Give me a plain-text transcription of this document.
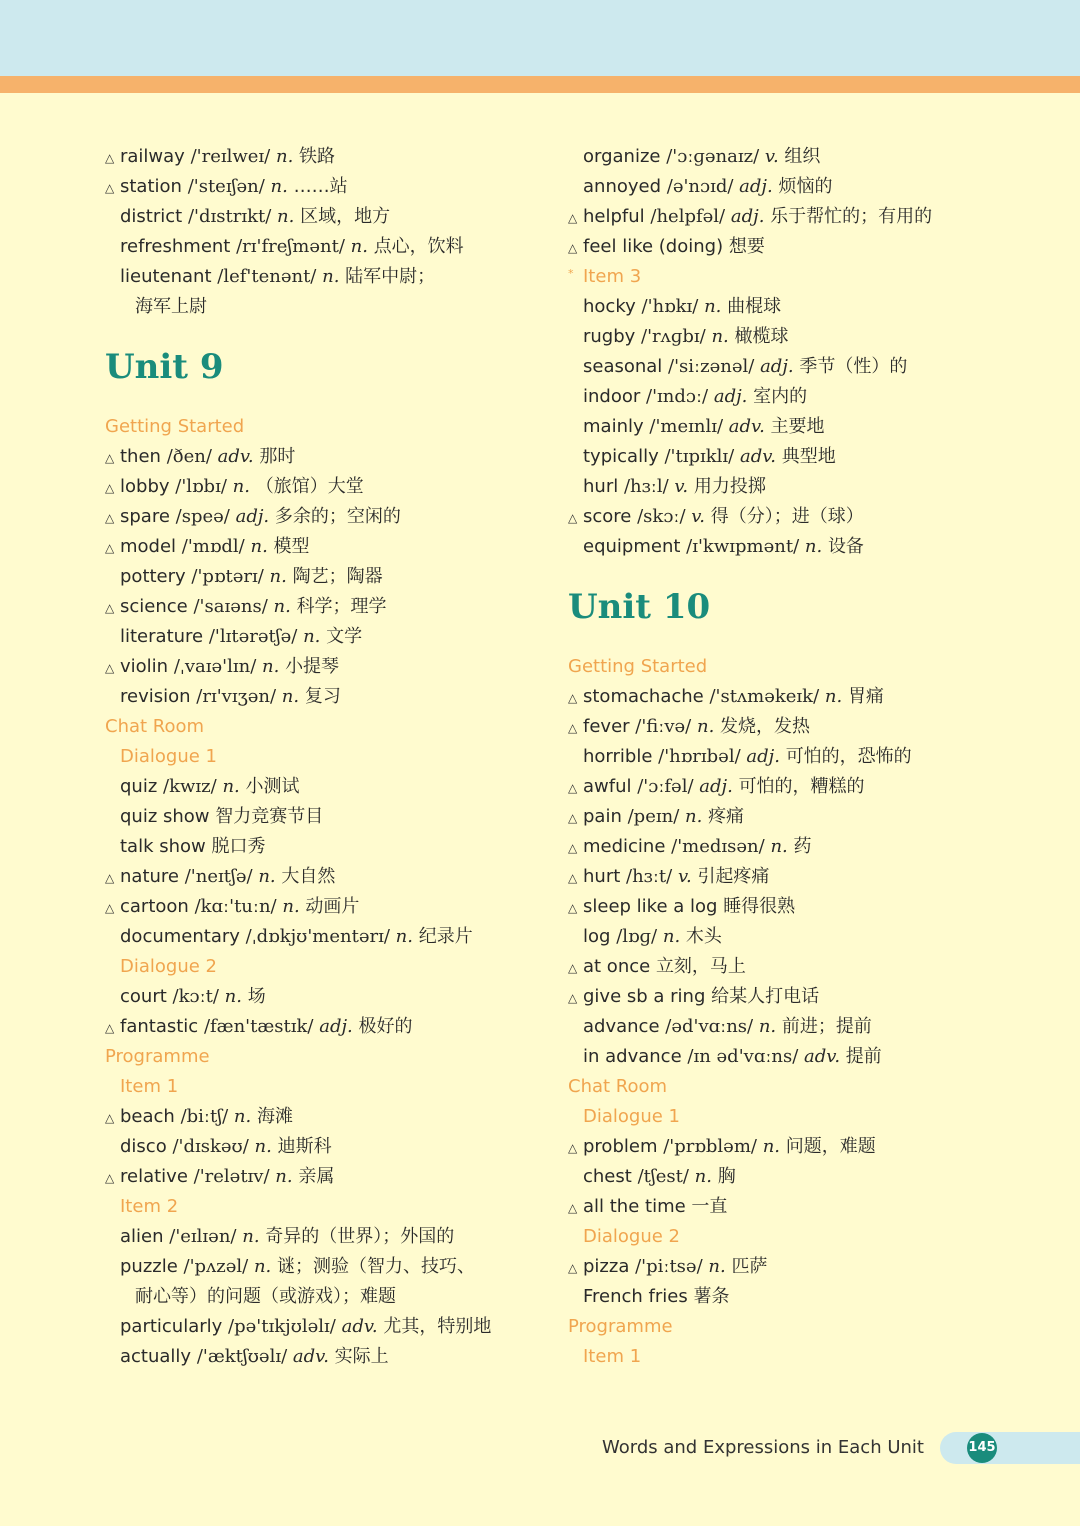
△ railway /'reɪlweɪ/ n. 铁路
△ station /'steɪʃən/ n. ……站
district /'dɪstrɪkt/ n. 区域，地方
refreshment /rɪ'freʃmənt/ n. 点心，饮料
lieutenant /lef'tenənt/ n. 陆军中尉；
海军上尉
Unit 9
Getting Started
△ then /ðen/ adv. 那时
△ lobby /'lɒbɪ/ n. （旅馆）大堂
△ spare /speə/ adj. 多余的；空闲的
△ model /'mɒdl/ n. 模型
pottery /'pɒtərɪ/ n. 陶艺；陶器
△ science /'saɪəns/ n. 科学；理学
literature /'lɪtərətʃə/ n. 文学
△ violin /ˌvaɪə'lɪn/ n. 小提琴
revision /rɪ'vɪʒən/ n. 复习
Chat Room
Dialogue 1
quiz /kwɪz/ n. 小测试
quiz show 智力竞赛节目
talk show 脱口秀
△ nature /'neɪtʃə/ n. 大自然
△ cartoon /kɑː'tuːn/ n. 动画片
documentary /ˌdɒkjʊ'mentərɪ/ n. 纪录片
Dialogue 2
court /kɔːt/ n. 场
△ fantastic /fæn'tæstɪk/ adj. 极好的
Programme
Item 1
△ beach /biːtʃ/ n. 海滩
disco /'dɪskəʊ/ n. 迪斯科
△ relative /'relətɪv/ n. 亲属
Item 2
alien /'eɪlɪən/ n. 奇异的（世界）；外国的
puzzle /'pʌzəl/ n. 谜；测验（智力、技巧、
耐心等）的问题（或游戏）；难题
particularly /pə'tɪkjʊləlɪ/ adv. 尤其，特别地
actually /'æktʃʊəlɪ/ adv. 实际上
organize /'ɔːɡənaɪz/ v. 组织
annoyed /ə'nɔɪd/ adj. 烦恼的
△ helpful /helpfəl/ adj. 乐于帮忙的；有用的
△ feel like (doing) 想要
* Item 3
hocky /'hɒkɪ/ n. 曲棍球
rugby /'rʌɡbɪ/ n. 橄榄球
seasonal /'siːzənəl/ adj. 季节（性）的
indoor /'ɪndɔː/ adj. 室内的
mainly /'meɪnlɪ/ adv. 主要地
typically /'tɪpɪklɪ/ adv. 典型地
hurl /hɜːl/ v. 用力投掷
△ score /skɔː/ v. 得（分）；进（球）
equipment /ɪ'kwɪpmənt/ n. 设备
Unit 10
Getting Started
△ stomachache /'stʌməkeɪk/ n. 胃痛
△ fever /'fiːvə/ n. 发烧，发热
horrible /'hɒrɪbəl/ adj. 可怕的，恐怖的
△ awful /'ɔːfəl/ adj. 可怕的，糟糕的
△ pain /peɪn/ n. 疼痛
△ medicine /'medɪsən/ n. 药
△ hurt /hɜːt/ v. 引起疼痛
△ sleep like a log 睡得很熟
log /lɒɡ/ n. 木头
△ at once 立刻，马上
△ give sb a ring 给某人打电话
advance /əd'vɑːns/ n. 前进；提前
in advance /ɪn əd'vɑːns/ adv. 提前
Chat Room
Dialogue 1
△ problem /'prɒbləm/ n. 问题，难题
chest /tʃest/ n. 胸
△ all the time 一直
Dialogue 2
△ pizza /'piːtsə/ n. 匹萨
French fries 薯条
Programme
Item 1
Words and Expressions in Each Unit	145
